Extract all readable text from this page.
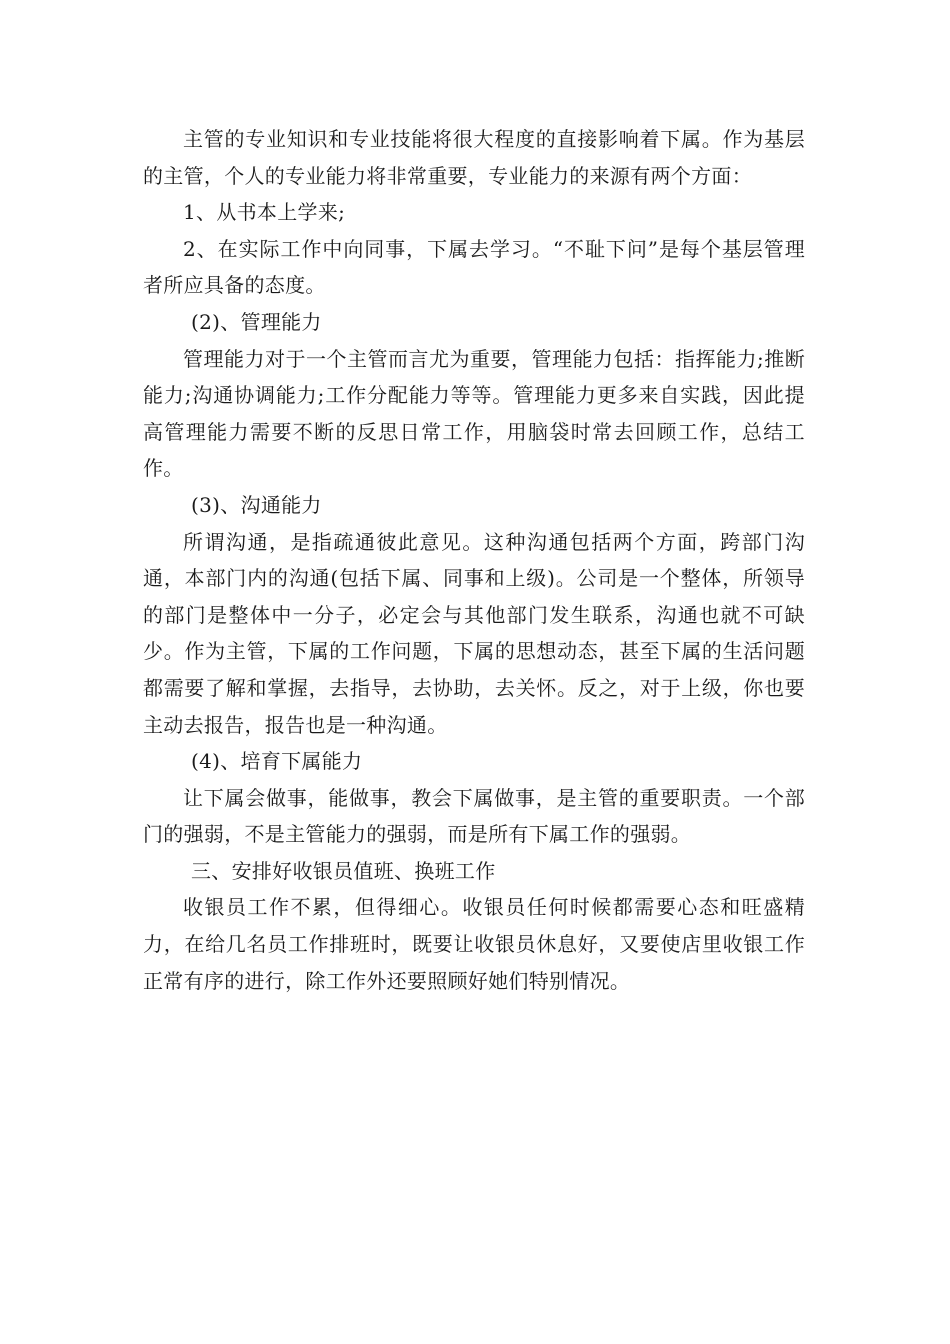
主管的专业知识和专业技能将很大程度的直接影响着下属。作为基层的主管，个人的专业能力将非常重要，专业能力的来源有两个方面：

1、从书本上学来;

2、在实际工作中向同事，下属去学习。“不耻下问”是每个基层管理者所应具备的态度。

(2)、管理能力

管理能力对于一个主管而言尤为重要，管理能力包括：指挥能力;推断能力;沟通协调能力;工作分配能力等等。管理能力更多来自实践，因此提高管理能力需要不断的反思日常工作，用脑袋时常去回顾工作，总结工作。

(3)、沟通能力

所谓沟通，是指疏通彼此意见。这种沟通包括两个方面，跨部门沟通，本部门内的沟通(包括下属、同事和上级)。公司是一个整体，所领导的部门是整体中一分子，必定会与其他部门发生联系，沟通也就不可缺少。作为主管，下属的工作问题，下属的思想动态，甚至下属的生活问题都需要了解和掌握，去指导，去协助，去关怀。反之，对于上级，你也要主动去报告，报告也是一种沟通。

(4)、培育下属能力

让下属会做事，能做事，教会下属做事，是主管的重要职责。一个部门的强弱，不是主管能力的强弱，而是所有下属工作的强弱。

三、安排好收银员值班、换班工作

收银员工作不累，但得细心。收银员任何时候都需要心态和旺盛精力，在给几名员工作排班时，既要让收银员休息好，又要使店里收银工作正常有序的进行，除工作外还要照顾好她们特别情况。
